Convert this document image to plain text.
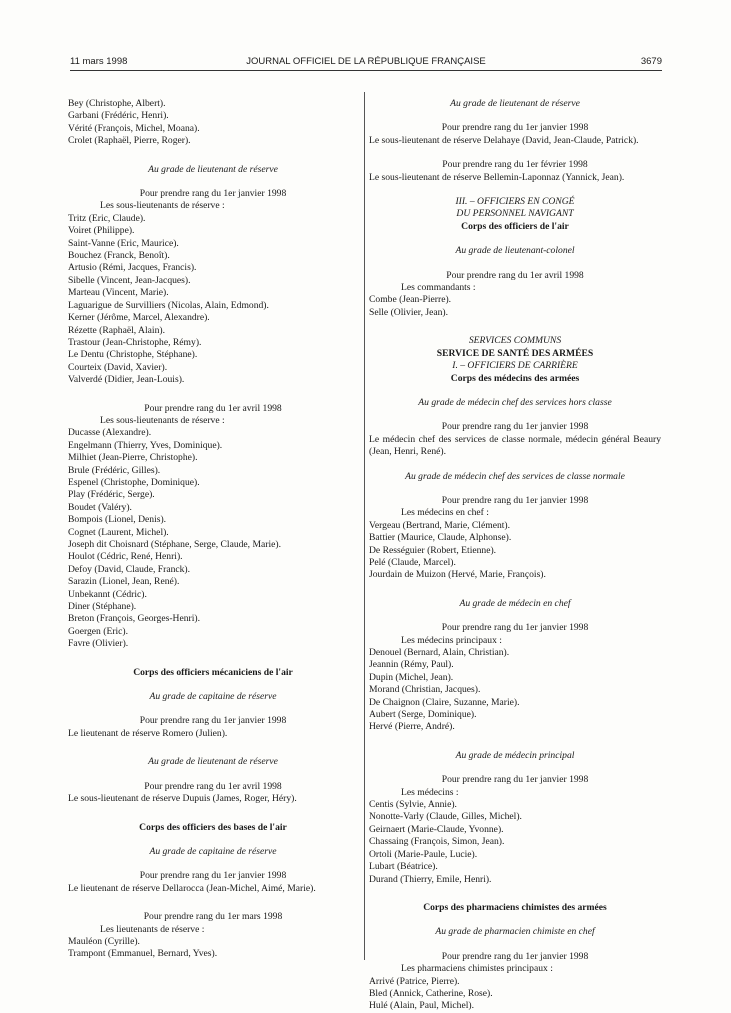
11 mars 1998	JOURNAL OFFICIEL DE LA RÉPUBLIQUE FRANÇAISE	3679
Bey (Christophe, Albert).
Garbani (Frédéric, Henri).
Vérité (François, Michel, Moana).
Crolet (Raphaël, Pierre, Roger).
Au grade de lieutenant de réserve
Pour prendre rang du 1er janvier 1998
Les sous-lieutenants de réserve :
Tritz (Eric, Claude).
Voiret (Philippe).
Saint-Vanne (Eric, Maurice).
Bouchez (Franck, Benoît).
Artusio (Rémi, Jacques, Francis).
Sibelle (Vincent, Jean-Jacques).
Marteau (Vincent, Marie).
Laguarigue de Survilliers (Nicolas, Alain, Edmond).
Kerner (Jérôme, Marcel, Alexandre).
Rézette (Raphaël, Alain).
Trastour (Jean-Christophe, Rémy).
Le Dentu (Christophe, Stéphane).
Courteix (David, Xavier).
Valverdé (Didier, Jean-Louis).
Pour prendre rang du 1er avril 1998
Les sous-lieutenants de réserve :
Ducasse (Alexandre).
Engelmann (Thierry, Yves, Dominique).
Milhiet (Jean-Pierre, Christophe).
Brule (Frédéric, Gilles).
Espenel (Christophe, Dominique).
Play (Frédéric, Serge).
Boudet (Valéry).
Bompois (Lionel, Denis).
Cognet (Laurent, Michel).
Joseph dit Choisnard (Stéphane, Serge, Claude, Marie).
Houlot (Cédric, René, Henri).
Defoy (David, Claude, Franck).
Sarazin (Lionel, Jean, René).
Unbekannt (Cédric).
Diner (Stéphane).
Breton (François, Georges-Henri).
Goergen (Eric).
Favre (Olivier).
Corps des officiers mécaniciens de l'air
Au grade de capitaine de réserve
Pour prendre rang du 1er janvier 1998
Le lieutenant de réserve Romero (Julien).
Au grade de lieutenant de réserve
Pour prendre rang du 1er avril 1998
Le sous-lieutenant de réserve Dupuis (James, Roger, Héry).
Corps des officiers des bases de l'air
Au grade de capitaine de réserve
Pour prendre rang du 1er janvier 1998
Le lieutenant de réserve Dellarocca (Jean-Michel, Aimé, Marie).
Pour prendre rang du 1er mars 1998
Les lieutenants de réserve :
Mauléon (Cyrille).
Trampont (Emmanuel, Bernard, Yves).
Au grade de lieutenant de réserve
Pour prendre rang du 1er janvier 1998
Le sous-lieutenant de réserve Delahaye (David, Jean-Claude, Patrick).
Pour prendre rang du 1er février 1998
Le sous-lieutenant de réserve Bellemin-Laponnaz (Yannick, Jean).
III. – OFFICIERS EN CONGÉ
DU PERSONNEL NAVIGANT
Corps des officiers de l'air
Au grade de lieutenant-colonel
Pour prendre rang du 1er avril 1998
Les commandants :
Combe (Jean-Pierre).
Selle (Olivier, Jean).
SERVICES COMMUNS
SERVICE DE SANTÉ DES ARMÉES
I. – OFFICIERS DE CARRIÈRE
Corps des médecins des armées
Au grade de médecin chef des services hors classe
Pour prendre rang du 1er janvier 1998
Le médecin chef des services de classe normale, médecin général Beaury (Jean, Henri, René).
Au grade de médecin chef des services de classe normale
Pour prendre rang du 1er janvier 1998
Les médecins en chef :
Vergeau (Bertrand, Marie, Clément).
Battier (Maurice, Claude, Alphonse).
De Rességuier (Robert, Etienne).
Pelé (Claude, Marcel).
Jourdain de Muizon (Hervé, Marie, François).
Au grade de médecin en chef
Pour prendre rang du 1er janvier 1998
Les médecins principaux :
Denouel (Bernard, Alain, Christian).
Jeannin (Rémy, Paul).
Dupin (Michel, Jean).
Morand (Christian, Jacques).
De Chaignon (Claire, Suzanne, Marie).
Aubert (Serge, Dominique).
Hervé (Pierre, André).
Au grade de médecin principal
Pour prendre rang du 1er janvier 1998
Les médecins :
Centis (Sylvie, Annie).
Nonotte-Varly (Claude, Gilles, Michel).
Geirnaert (Marie-Claude, Yvonne).
Chassaing (François, Simon, Jean).
Ortoli (Marie-Paule, Lucie).
Lubart (Béatrice).
Durand (Thierry, Emile, Henri).
Corps des pharmaciens chimistes des armées
Au grade de pharmacien chimiste en chef
Pour prendre rang du 1er janvier 1998
Les pharmaciens chimistes principaux :
Arrivé (Patrice, Pierre).
Bled (Annick, Catherine, Rose).
Hulé (Alain, Paul, Michel).
